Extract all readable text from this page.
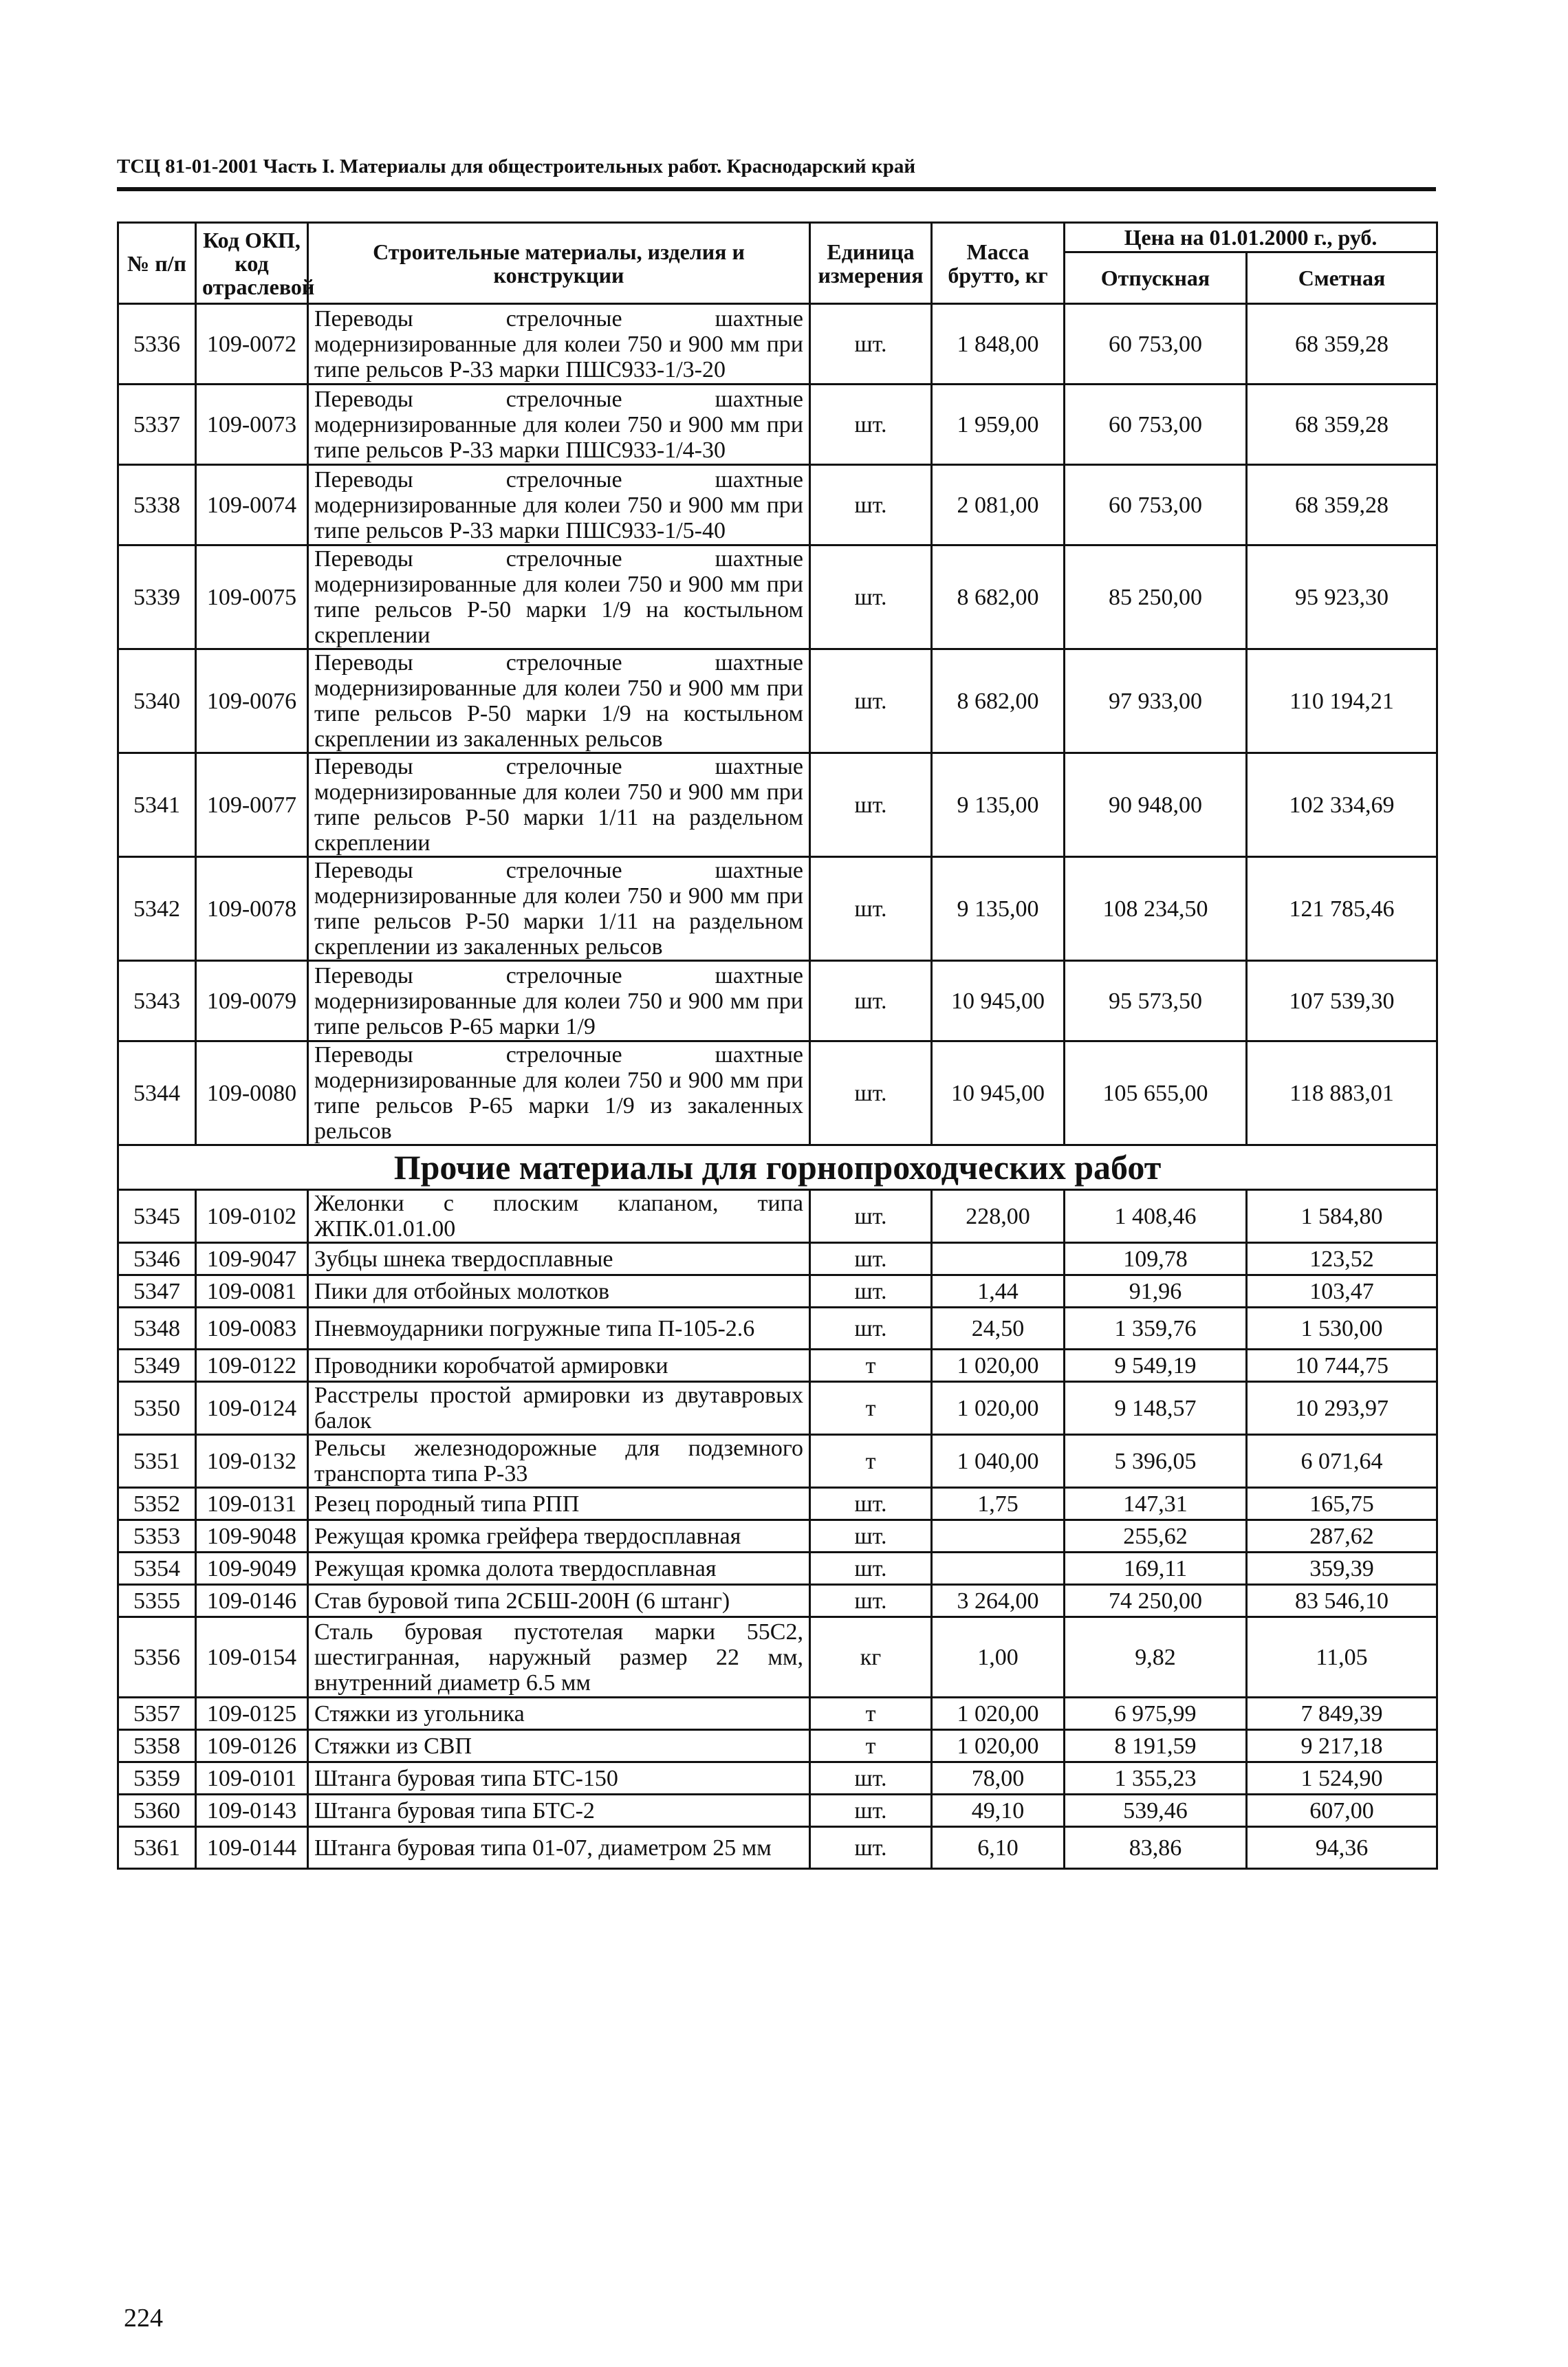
ТСЦ 81-01-2001 Часть I. Материалы для общестроительных работ. Краснодарский край
№ п/п	Код ОКП, код отраслевой	Строительные материалы, изделия и конструкции	Единица измерения	Масса брутто, кг	Цена на 01.01.2000 г., руб.	
					Отпускная	Сметная
5336	109-0072	Переводы стрелочные шахтные модернизированные для колеи 750 и 900 мм при типе рельсов Р-33 марки ПШС933-1/3-20	шт.	1 848,00	60 753,00	68 359,28
5337	109-0073	Переводы стрелочные шахтные модернизированные для колеи 750 и 900 мм при типе рельсов Р-33 марки ПШС933-1/4-30	шт.	1 959,00	60 753,00	68 359,28
5338	109-0074	Переводы стрелочные шахтные модернизированные для колеи 750 и 900 мм при типе рельсов Р-33 марки ПШС933-1/5-40	шт.	2 081,00	60 753,00	68 359,28
5339	109-0075	Переводы стрелочные шахтные модернизированные для колеи 750 и 900 мм при типе рельсов Р-50 марки 1/9 на костыльном скреплении	шт.	8 682,00	85 250,00	95 923,30
5340	109-0076	Переводы стрелочные шахтные модернизированные для колеи 750 и 900 мм при типе рельсов Р-50 марки 1/9 на костыльном скреплении из закаленных рельсов	шт.	8 682,00	97 933,00	110 194,21
5341	109-0077	Переводы стрелочные шахтные модернизированные для колеи 750 и 900 мм при типе рельсов Р-50 марки 1/11 на раздельном скреплении	шт.	9 135,00	90 948,00	102 334,69
5342	109-0078	Переводы стрелочные шахтные модернизированные для колеи 750 и 900 мм при типе рельсов Р-50 марки 1/11 на раздельном скреплении из закаленных рельсов	шт.	9 135,00	108 234,50	121 785,46
5343	109-0079	Переводы стрелочные шахтные модернизированные для колеи 750 и 900 мм при типе рельсов Р-65 марки 1/9	шт.	10 945,00	95 573,50	107 539,30
5344	109-0080	Переводы стрелочные шахтные модернизированные для колеи 750 и 900 мм при типе рельсов Р-65 марки 1/9 из закаленных рельсов	шт.	10 945,00	105 655,00	118 883,01
Прочие материалы для горнопроходческих работ						
5345	109-0102	Желонки с плоским клапаном, типа ЖПК.01.01.00	шт.	228,00	1 408,46	1 584,80
5346	109-9047	Зубцы шнека твердосплавные	шт.		109,78	123,52
5347	109-0081	Пики для отбойных молотков	шт.	1,44	91,96	103,47
5348	109-0083	Пневмоударники погружные типа П-105-2.6	шт.	24,50	1 359,76	1 530,00
5349	109-0122	Проводники коробчатой армировки	т	1 020,00	9 549,19	10 744,75
5350	109-0124	Расстрелы простой армировки из двутавровых балок	т	1 020,00	9 148,57	10 293,97
5351	109-0132	Рельсы железнодорожные для подземного транспорта типа Р-33	т	1 040,00	5 396,05	6 071,64
5352	109-0131	Резец породный типа РПП	шт.	1,75	147,31	165,75
5353	109-9048	Режущая кромка грейфера твердосплавная	шт.		255,62	287,62
5354	109-9049	Режущая кромка долота твердосплавная	шт.		169,11	359,39
5355	109-0146	Став буровой типа 2СБШ-200Н (6 штанг)	шт.	3 264,00	74 250,00	83 546,10
5356	109-0154	Сталь буровая пустотелая марки 55С2, шестигранная, наружный размер 22 мм, внутренний диаметр 6.5 мм	кг	1,00	9,82	11,05
5357	109-0125	Стяжки из угольника	т	1 020,00	6 975,99	7 849,39
5358	109-0126	Стяжки из СВП	т	1 020,00	8 191,59	9 217,18
5359	109-0101	Штанга буровая типа БТС-150	шт.	78,00	1 355,23	1 524,90
5360	109-0143	Штанга буровая типа БТС-2	шт.	49,10	539,46	607,00
5361	109-0144	Штанга буровая типа 01-07, диаметром 25 мм	шт.	6,10	83,86	94,36
224
